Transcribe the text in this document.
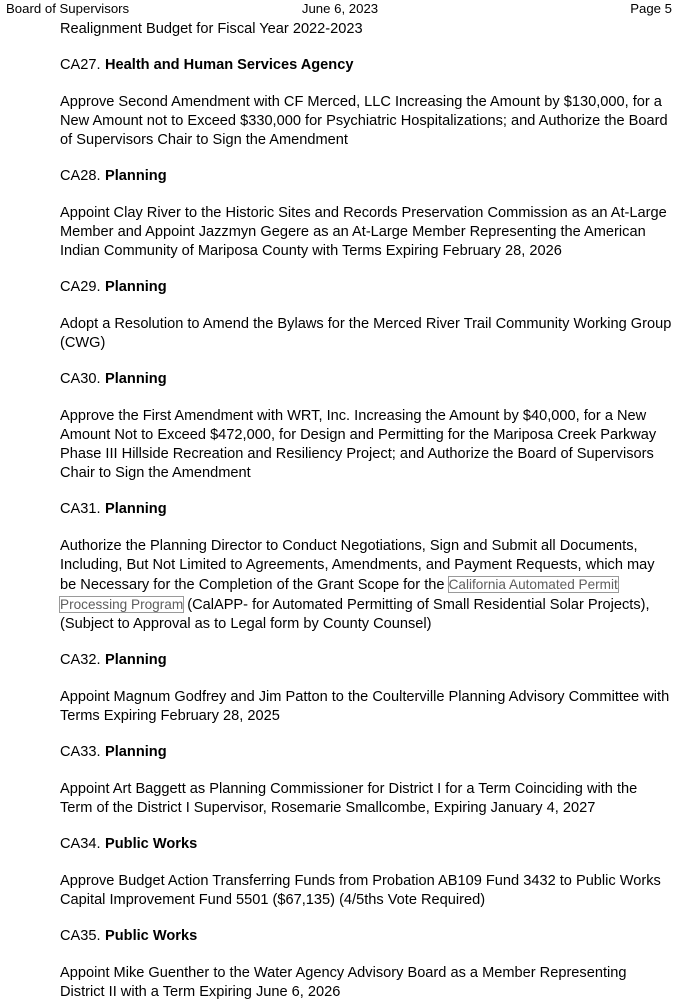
Board of Supervisors	June 6, 2023	Page 5

Realignment Budget for Fiscal Year 2022-2023

CA27. Health and Human Services Agency

Approve Second Amendment with CF Merced, LLC Increasing the Amount by $130,000, for a New Amount not to Exceed $330,000 for Psychiatric Hospitalizations; and Authorize the Board of Supervisors Chair to Sign the Amendment

CA28. Planning

Appoint Clay River to the Historic Sites and Records Preservation Commission as an At-Large Member and Appoint Jazzmyn Gegere as an At-Large Member Representing the American Indian Community of Mariposa County with Terms Expiring February 28, 2026

CA29. Planning

Adopt a Resolution to Amend the Bylaws for the Merced River Trail Community Working Group (CWG)

CA30. Planning

Approve the First Amendment with WRT, Inc. Increasing the Amount by $40,000, for a New Amount Not to Exceed $472,000, for Design and Permitting for the Mariposa Creek Parkway Phase III Hillside Recreation and Resiliency Project; and Authorize the Board of Supervisors Chair to Sign the Amendment

CA31. Planning

Authorize the Planning Director to Conduct Negotiations, Sign and Submit all Documents, Including, But Not Limited to Agreements, Amendments, and Payment Requests, which may be Necessary for the Completion of the Grant Scope for the California Automated Permit Processing Program (CalAPP- for Automated Permitting of Small Residential Solar Projects), (Subject to Approval as to Legal form by County Counsel)

CA32. Planning

Appoint Magnum Godfrey and Jim Patton to the Coulterville Planning Advisory Committee with Terms Expiring February 28, 2025

CA33. Planning

Appoint Art Baggett as Planning Commissioner for District I for a Term Coinciding with the Term of the District I Supervisor, Rosemarie Smallcombe, Expiring January 4, 2027

CA34. Public Works

Approve Budget Action Transferring Funds from Probation AB109 Fund 3432 to Public Works Capital Improvement Fund 5501 ($67,135) (4/5ths Vote Required)

CA35. Public Works

Appoint Mike Guenther to the Water Agency Advisory Board as a Member Representing District II with a Term Expiring June 6, 2026
